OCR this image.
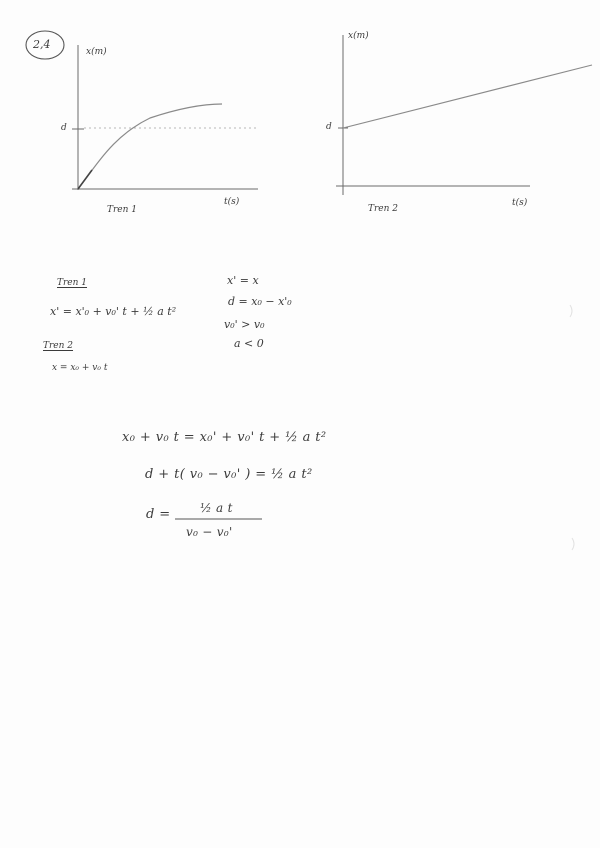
2,4
x(m)
d
t(s)
Tren 1
x(m)
d
t(s)
Tren 2
Tren 1
x' = x'₀ + v₀' t + ½ a t²
Tren 2
x = x₀ + v₀ t
x' = x
d = x₀ − x'₀
v₀' > v₀
a < 0
x₀ + v₀ t = x₀' + v₀' t + ½ a t²
d + t( v₀ − v₀' ) = ½ a t²
d = ½ a t
v₀ − v₀'
